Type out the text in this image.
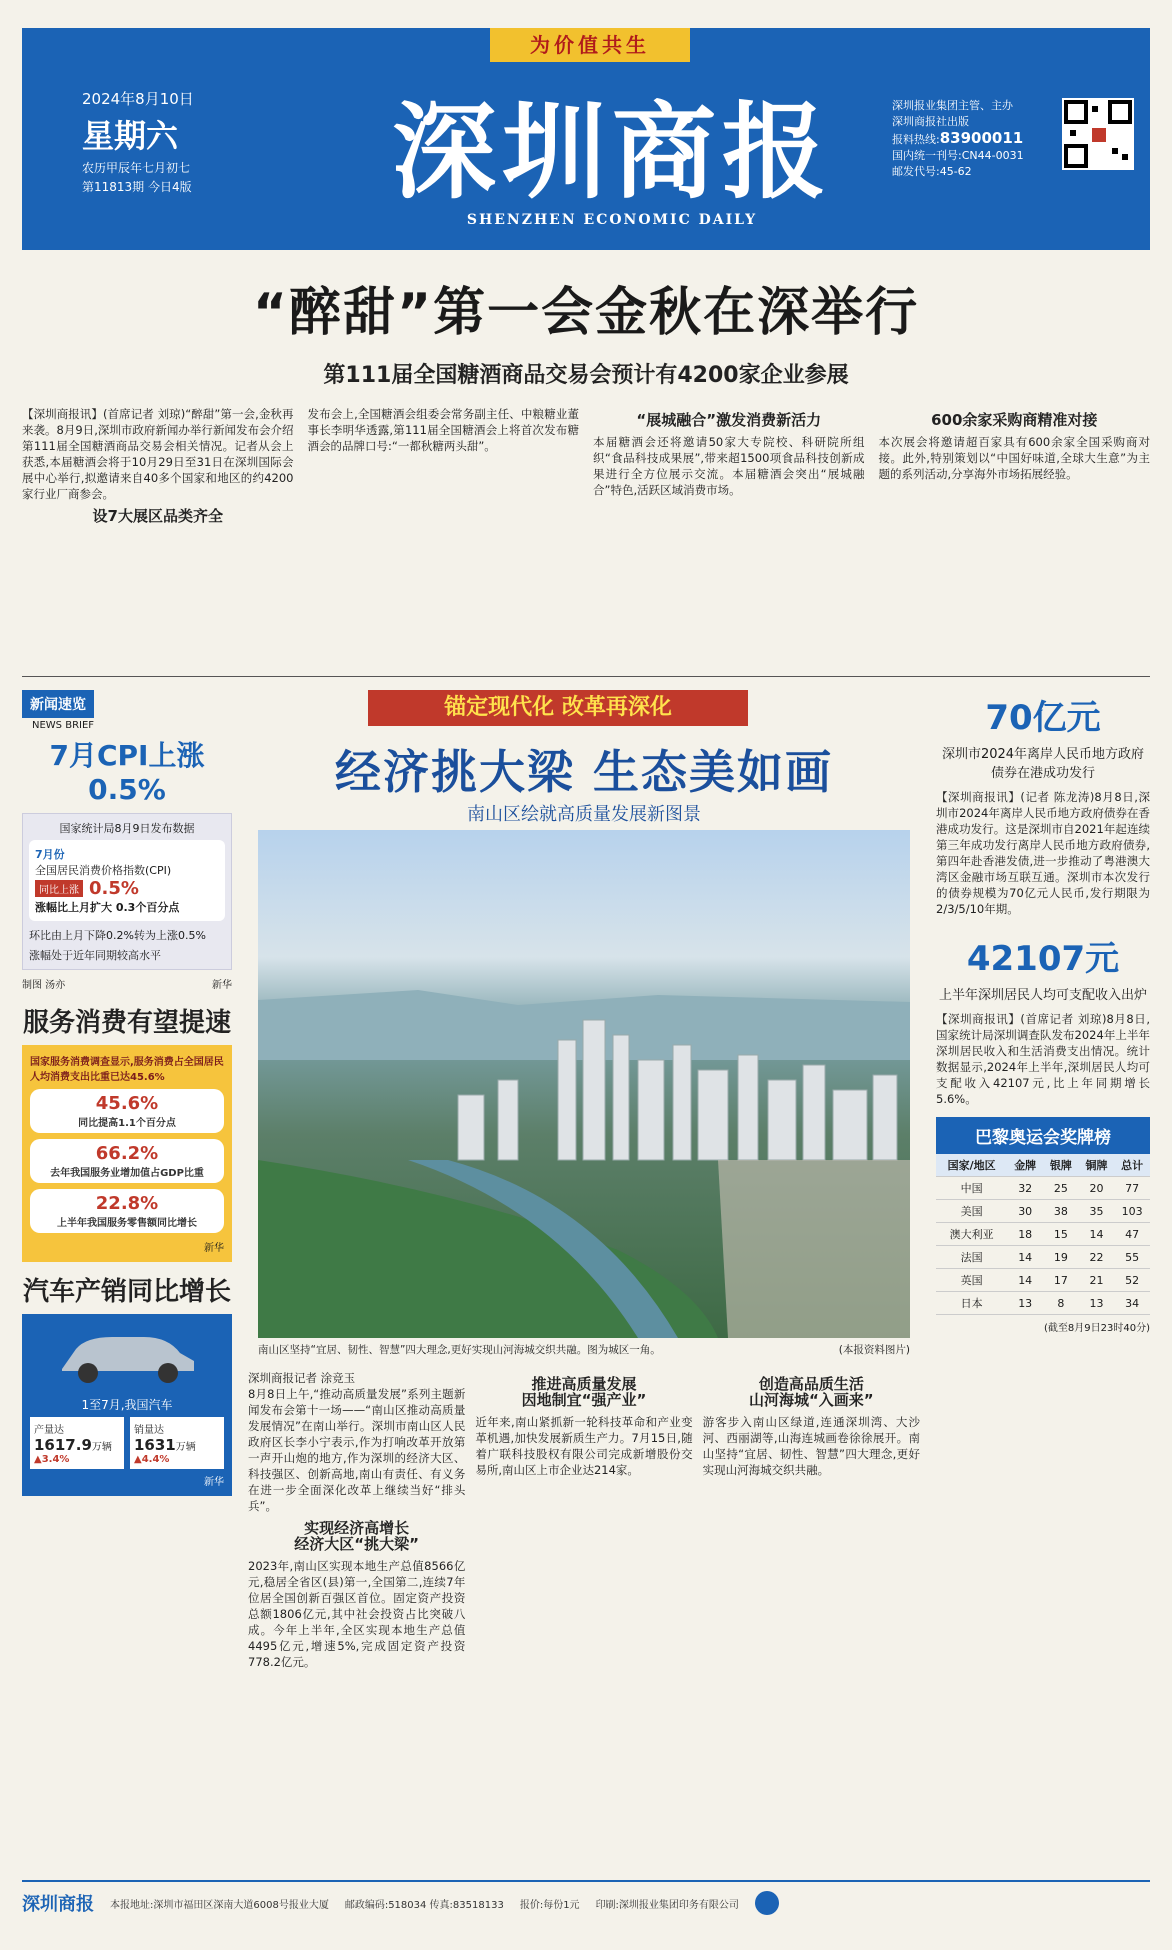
为价值共生
2024年8月10日
星期六
农历甲辰年七月初七
第11813期 今日4版	深圳商报
SHENZHEN ECONOMIC DAILY
深圳报业集团主管、主办
深圳商报社出版
报料热线:83900011
国内统一刊号:CN44-0031
邮发代号:45-62
“醉甜”第一会金秋在深举行
第111届全国糖酒商品交易会预计有4200家企业参展
【深圳商报讯】(首席记者 刘琼)“醉甜”第一会,金秋再来袭。8月9日,深圳市政府新闻办举行新闻发布会介绍第111届全国糖酒商品交易会相关情况。记者从会上获悉,本届糖酒会将于10月29日至31日在深圳国际会展中心举行,拟邀请来自40多个国家和地区的约4200家行业厂商参会。
设7大展区品类齐全
发布会上,全国糖酒会组委会常务副主任、中粮糖业董事长李明华透露,第111届全国糖酒会上将首次发布糖酒会的品牌口号:“一都秋糖两头甜”。
“展城融合”激发消费新活力
本届糖酒会还将邀请50家大专院校、科研院所组织“食品科技成果展”,带来超1500项食品科技创新成果进行全方位展示交流。本届糖酒会突出“展城融合”特色,活跃区域消费市场。
600余家采购商精准对接
本次展会将邀请超百家具有600余家全国采购商对接。此外,特别策划以“中国好味道,全球大生意”为主题的系列活动,分享海外市场拓展经验。
新闻速览
NEWS BRIEF
7月CPI上涨0.5%
国家统计局8月9日发布数据
7月份
全国居民消费价格指数(CPI)
同比上涨 0.5%
涨幅比上月扩大 0.3个百分点
环比由上月下降0.2%转为上涨0.5%
涨幅处于近年同期较高水平
制图 汤亦	新华
服务消费有望提速
国家服务消费调查显示,服务消费占全国居民人均消费支出比重已达45.6%
45.6%
同比提高1.1个百分点
66.2%
去年我国服务业增加值占GDP比重
22.8%
上半年我国服务零售额同比增长
新华
汽车产销同比增长
1至7月,我国汽车
产量达
1617.9万辆
▲3.4%
销量达
1631万辆
▲4.4%
新华
锚定现代化 改革再深化
经济挑大梁 生态美如画
南山区绘就高质量发展新图景
南山区坚持“宜居、韧性、智慧”四大理念,更好实现山河海城交织共融。图为城区一角。	(本报资料图片)
深圳商报记者 涂竞玉
8月8日上午,“推动高质量发展”系列主题新闻发布会第十一场——“南山区推动高质量发展情况”在南山举行。深圳市南山区人民政府区长李小宁表示,作为打响改革开放第一声开山炮的地方,作为深圳的经济大区、科技强区、创新高地,南山有责任、有义务在进一步全面深化改革上继续当好“排头兵”。
实现经济高增长
经济大区“挑大梁”
2023年,南山区实现本地生产总值8566亿元,稳居全省区(县)第一,全国第二,连续7年位居全国创新百强区首位。固定资产投资总额1806亿元,其中社会投资占比突破八成。今年上半年,全区实现本地生产总值4495亿元,增速5%,完成固定资产投资778.2亿元。
推进高质量发展
因地制宜“强产业”
近年来,南山紧抓新一轮科技革命和产业变革机遇,加快发展新质生产力。7月15日,随着广联科技股权有限公司完成新增股份交易所,南山区上市企业达214家。
创造高品质生活
山河海城“入画来”
游客步入南山区绿道,连通深圳湾、大沙河、西丽湖等,山海连城画卷徐徐展开。南山坚持“宜居、韧性、智慧”四大理念,更好实现山河海城交织共融。
70亿元
深圳市2024年离岸人民币地方政府债券在港成功发行
【深圳商报讯】(记者 陈龙涛)8月8日,深圳市2024年离岸人民币地方政府债券在香港成功发行。这是深圳市自2021年起连续第三年成功发行离岸人民币地方政府债券,第四年赴香港发债,进一步推动了粤港澳大湾区金融市场互联互通。深圳市本次发行的债券规模为70亿元人民币,发行期限为2/3/5/10年期。
42107元
上半年深圳居民人均可支配收入出炉
【深圳商报讯】(首席记者 刘琼)8月8日,国家统计局深圳调查队发布2024年上半年深圳居民收入和生活消费支出情况。统计数据显示,2024年上半年,深圳居民人均可支配收入42107元,比上年同期增长5.6%。
巴黎奥运会奖牌榜
国家/地区	金牌	银牌	铜牌	总计
中国	32	25	20	77
美国	30	38	35	103
澳大利亚	18	15	14	47
法国	14	19	22	55
英国	14	17	21	52
日本	13	8	13	34
(截至8月9日23时40分)
深圳商报 本报地址:深圳市福田区深南大道6008号报业大厦 邮政编码:518034 传真:83518133 报价:每份1元 印刷:深圳报业集团印务有限公司
